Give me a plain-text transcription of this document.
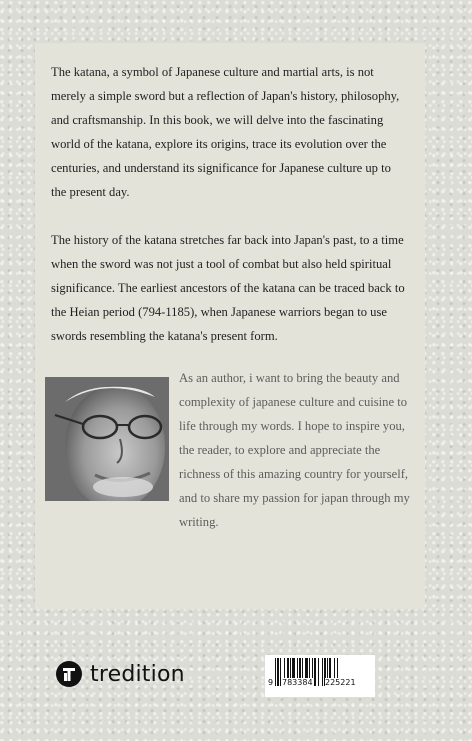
The katana, a symbol of Japanese culture and martial arts, is not merely a simple sword but a reflection of Japan's history, philosophy, and craftsmanship. In this book, we will delve into the fascinating world of the katana, explore its origins, trace its evolution over the centuries, and understand its significance for Japanese culture up to the present day.
The history of the katana stretches far back into Japan's past, to a time when the sword was not just a tool of combat but also held spiritual significance. The earliest ancestors of the katana can be traced back to the Heian period (794-1185), when Japanese warriors began to use swords resembling the katana's present form.
As an author, i want to bring the beauty and complexity of japanese culture and cuisine to life through my words. I hope to inspire you, the reader, to explore and appreciate the richness of this amazing country for yourself, and to share my passion for japan through my writing.
tredition	9 783384 225221
